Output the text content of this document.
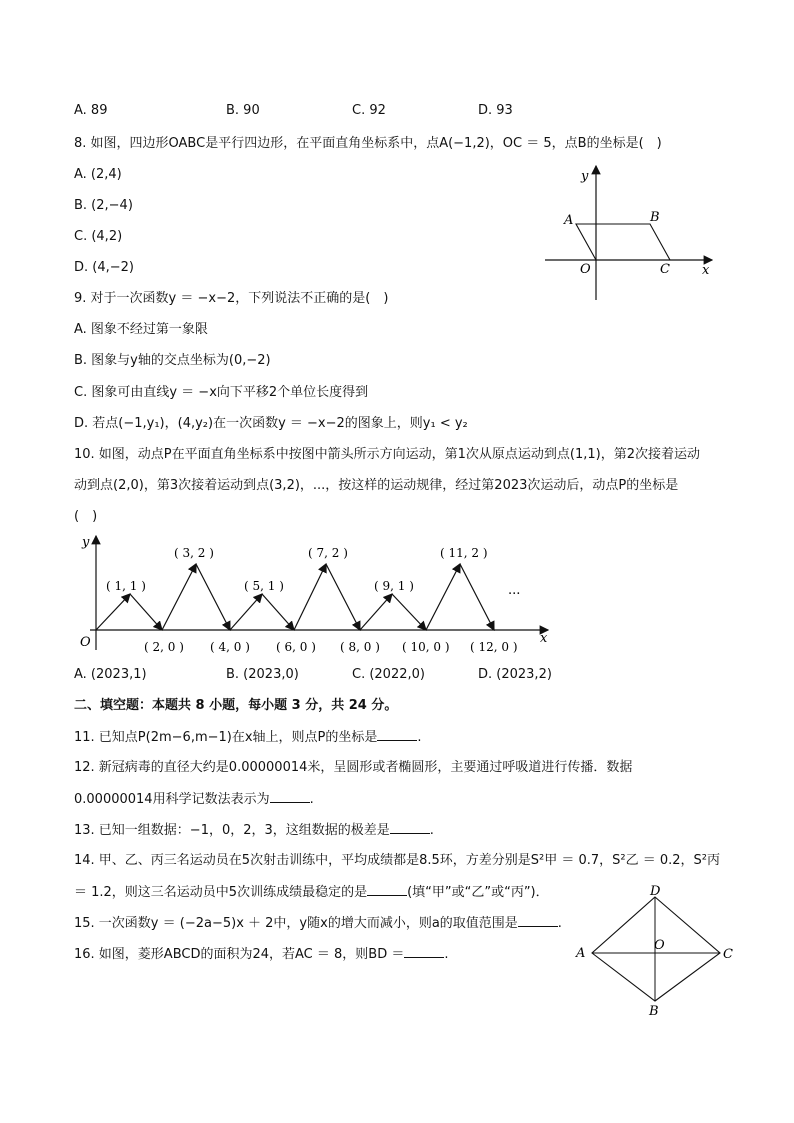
A. 89	B. 90	C. 92	D. 93
8. 如图，四边形OABC是平行四边形，在平面直角坐标系中，点A(−1,2)，OC ＝ 5，点B的坐标是(　)
A. (2,4)
B. (2,−4)
C. (4,2)
D. (4,−2)
y
A	B
O	C x
9. 对于一次函数y ＝ −x−2，下列说法不正确的是(　)
A. 图象不经过第一象限
B. 图象与y轴的交点坐标为(0,−2)
C. 图象可由直线y ＝ −x向下平移2个单位长度得到
D. 若点(−1,y₁)，(4,y₂)在一次函数y ＝ −x−2的图象上，则y₁ < y₂
10. 如图，动点P在平面直角坐标系中按图中箭头所示方向运动，第1次从原点运动到点(1,1)，第2次接着运动
动到点(2,0)，第3次接着运动到点(3,2)，...，按这样的运动规律，经过第2023次运动后，动点P的坐标是
(　)
y
x
O
...
( 1, 1 )
( 3, 2 )
( 5, 1 )
( 7, 2 )
( 9, 1 )
( 11, 2 )
( 2, 0 ) ( 4, 0 ) ( 6, 0 ) ( 8, 0 ) ( 10, 0 ) ( 12, 0 )
A. (2023,1)	B. (2023,0)	C. (2022,0)	D. (2023,2)
二、填空题：本题共 8 小题，每小题 3 分，共 24 分。
11. 已知点P(2m−6,m−1)在x轴上，则点P的坐标是	.
12. 新冠病毒的直径大约是0.00000014米，呈圆形或者椭圆形，主要通过呼吸道进行传播．数据
0.00000014用科学记数法表示为	.
13. 已知一组数据：−1，0，2，3，这组数据的极差是	.
14. 甲、乙、丙三名运动员在5次射击训练中，平均成绩都是8.5环，方差分别是S²甲 ＝ 0.7，S²乙 ＝ 0.2，S²丙
＝ 1.2，则这三名运动员中5次训练成绩最稳定的是	(填“甲”或“乙”或“丙”)．
15. 一次函数y ＝ (−2a−5)x ＋ 2中，y随x的增大而减小，则a的取值范围是	.
16. 如图，菱形ABCD的面积为24，若AC ＝ 8，则BD ＝	.
D
A
O
C
B
